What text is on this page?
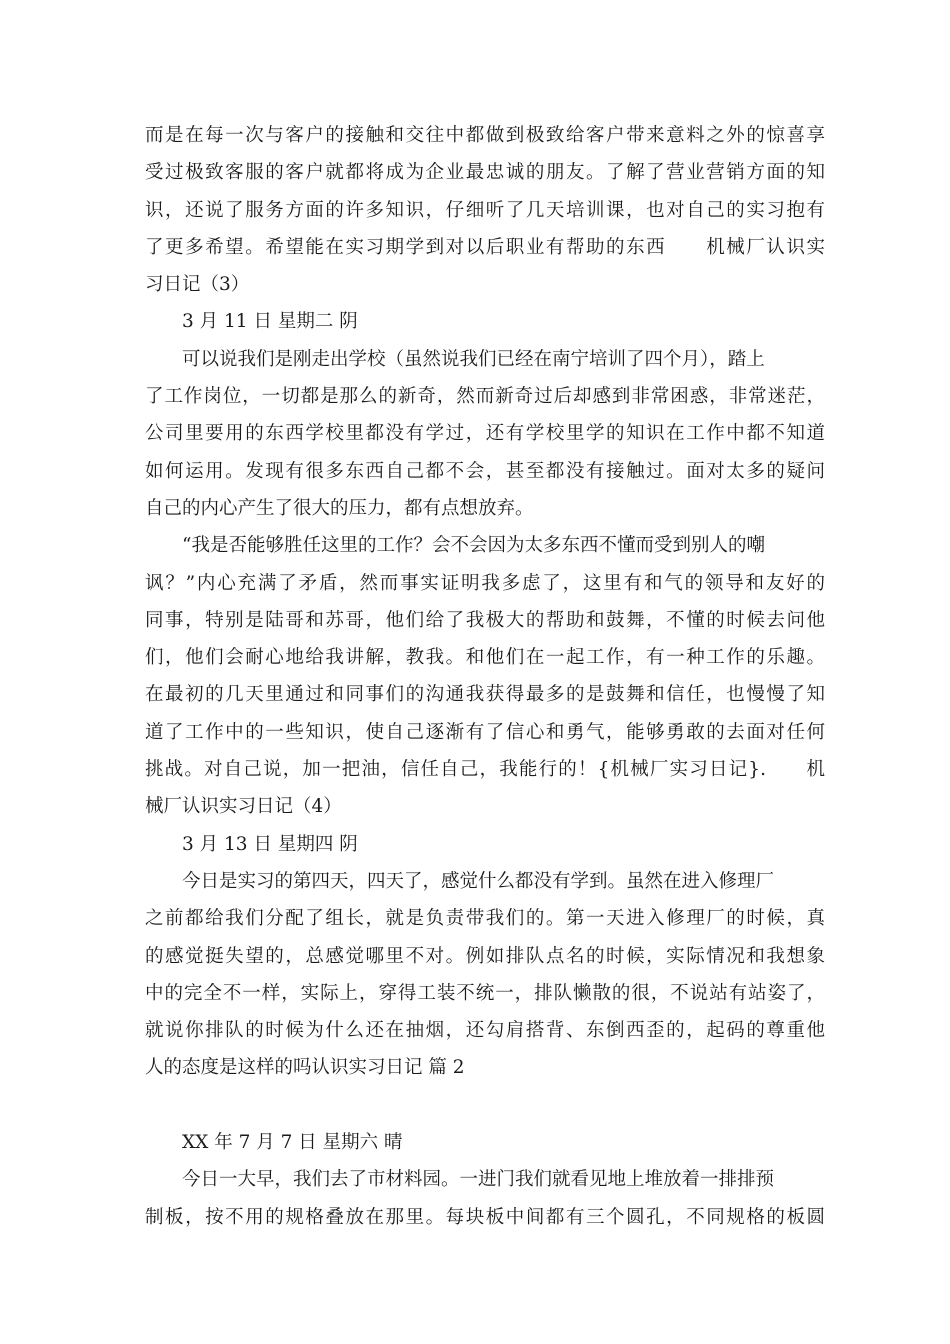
而是在每一次与客户的接触和交往中都做到极致给客户带来意料之外的惊喜享
受过极致客服的客户就都将成为企业最忠诚的朋友。了解了营业营销方面的知
识，还说了服务方面的许多知识，仔细听了几天培训课，也对自己的实习抱有
了更多希望。希望能在实习期学到对以后职业有帮助的东西　　机械厂认识实
习日记（3）
3 月 11 日 星期二 阴
可以说我们是刚走出学校（虽然说我们已经在南宁培训了四个月），踏上
了工作岗位，一切都是那么的新奇，然而新奇过后却感到非常困惑，非常迷茫，
公司里要用的东西学校里都没有学过，还有学校里学的知识在工作中都不知道
如何运用。发现有很多东西自己都不会，甚至都没有接触过。面对太多的疑问
自己的内心产生了很大的压力，都有点想放弃。
“我是否能够胜任这里的工作？会不会因为太多东西不懂而受到别人的嘲
讽？”内心充满了矛盾，然而事实证明我多虑了，这里有和气的领导和友好的
同事，特别是陆哥和苏哥，他们给了我极大的帮助和鼓舞，不懂的时候去问他
们，他们会耐心地给我讲解，教我。和他们在一起工作，有一种工作的乐趣。
在最初的几天里通过和同事们的沟通我获得最多的是鼓舞和信任，也慢慢了知
道了工作中的一些知识，使自己逐渐有了信心和勇气，能够勇敢的去面对任何
挑战。对自己说，加一把油，信任自己，我能行的！{机械厂实习日记}.　　机
械厂认识实习日记（4）
3 月 13 日 星期四 阴
今日是实习的第四天，四天了，感觉什么都没有学到。虽然在进入修理厂
之前都给我们分配了组长，就是负责带我们的。第一天进入修理厂的时候，真
的感觉挺失望的，总感觉哪里不对。例如排队点名的时候，实际情况和我想象
中的完全不一样，实际上，穿得工装不统一，排队懒散的很，不说站有站姿了，
就说你排队的时候为什么还在抽烟，还勾肩搭背、东倒西歪的，起码的尊重他
人的态度是这样的吗认识实习日记 篇 2
XX 年 7 月 7 日 星期六 晴
今日一大早，我们去了市材料园。一进门我们就看见地上堆放着一排排预
制板，按不用的规格叠放在那里。每块板中间都有三个圆孔，不同规格的板圆
